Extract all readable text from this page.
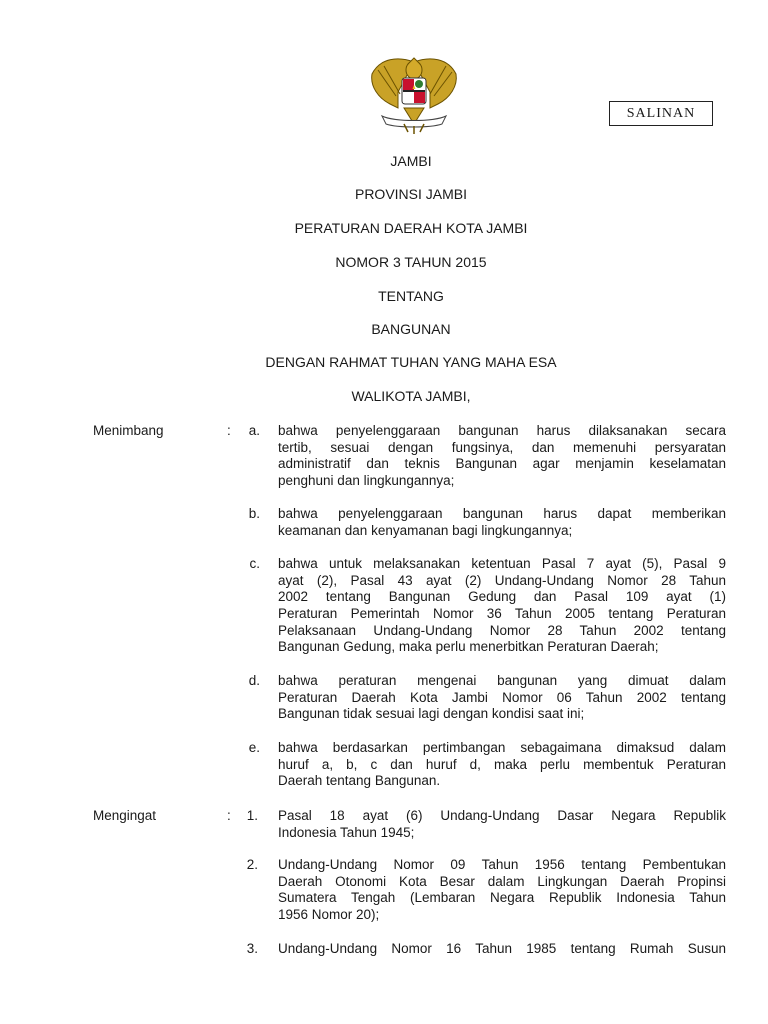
SALINAN
JAMBI
PROVINSI JAMBI
PERATURAN DAERAH KOTA JAMBI
NOMOR 3 TAHUN 2015
TENTANG
BANGUNAN
DENGAN RAHMAT TUHAN YANG MAHA ESA
WALIKOTA JAMBI,
Menimbang	:	a. bahwa penyelenggaraan bangunan harus dilaksanakan secara
tertib, sesuai dengan fungsinya, dan memenuhi persyaratan
administratif dan teknis Bangunan agar menjamin keselamatan
penghuni dan lingkungannya;
b. bahwa penyelenggaraan bangunan harus dapat memberikan
keamanan dan kenyamanan bagi lingkungannya;
c. bahwa untuk melaksanakan ketentuan Pasal 7 ayat (5), Pasal 9
ayat (2), Pasal 43 ayat (2) Undang-Undang Nomor 28 Tahun
2002 tentang Bangunan Gedung dan Pasal 109 ayat (1)
Peraturan Pemerintah Nomor 36 Tahun 2005 tentang Peraturan
Pelaksanaan Undang-Undang Nomor 28 Tahun 2002 tentang
Bangunan Gedung, maka perlu menerbitkan Peraturan Daerah;
d. bahwa peraturan mengenai bangunan yang dimuat dalam
Peraturan Daerah Kota Jambi Nomor 06 Tahun 2002 tentang
Bangunan tidak sesuai lagi dengan kondisi saat ini;
e. bahwa berdasarkan pertimbangan sebagaimana dimaksud dalam
huruf a, b, c dan huruf d, maka perlu membentuk Peraturan
Daerah tentang Bangunan.
Mengingat	:	1. Pasal 18 ayat (6) Undang-Undang Dasar Negara Republik
Indonesia Tahun 1945;
2. Undang-Undang Nomor 09 Tahun 1956 tentang Pembentukan
Daerah Otonomi Kota Besar dalam Lingkungan Daerah Propinsi
Sumatera Tengah (Lembaran Negara Republik Indonesia Tahun
1956 Nomor 20);
3. Undang-Undang Nomor 16 Tahun 1985 tentang Rumah Susun
